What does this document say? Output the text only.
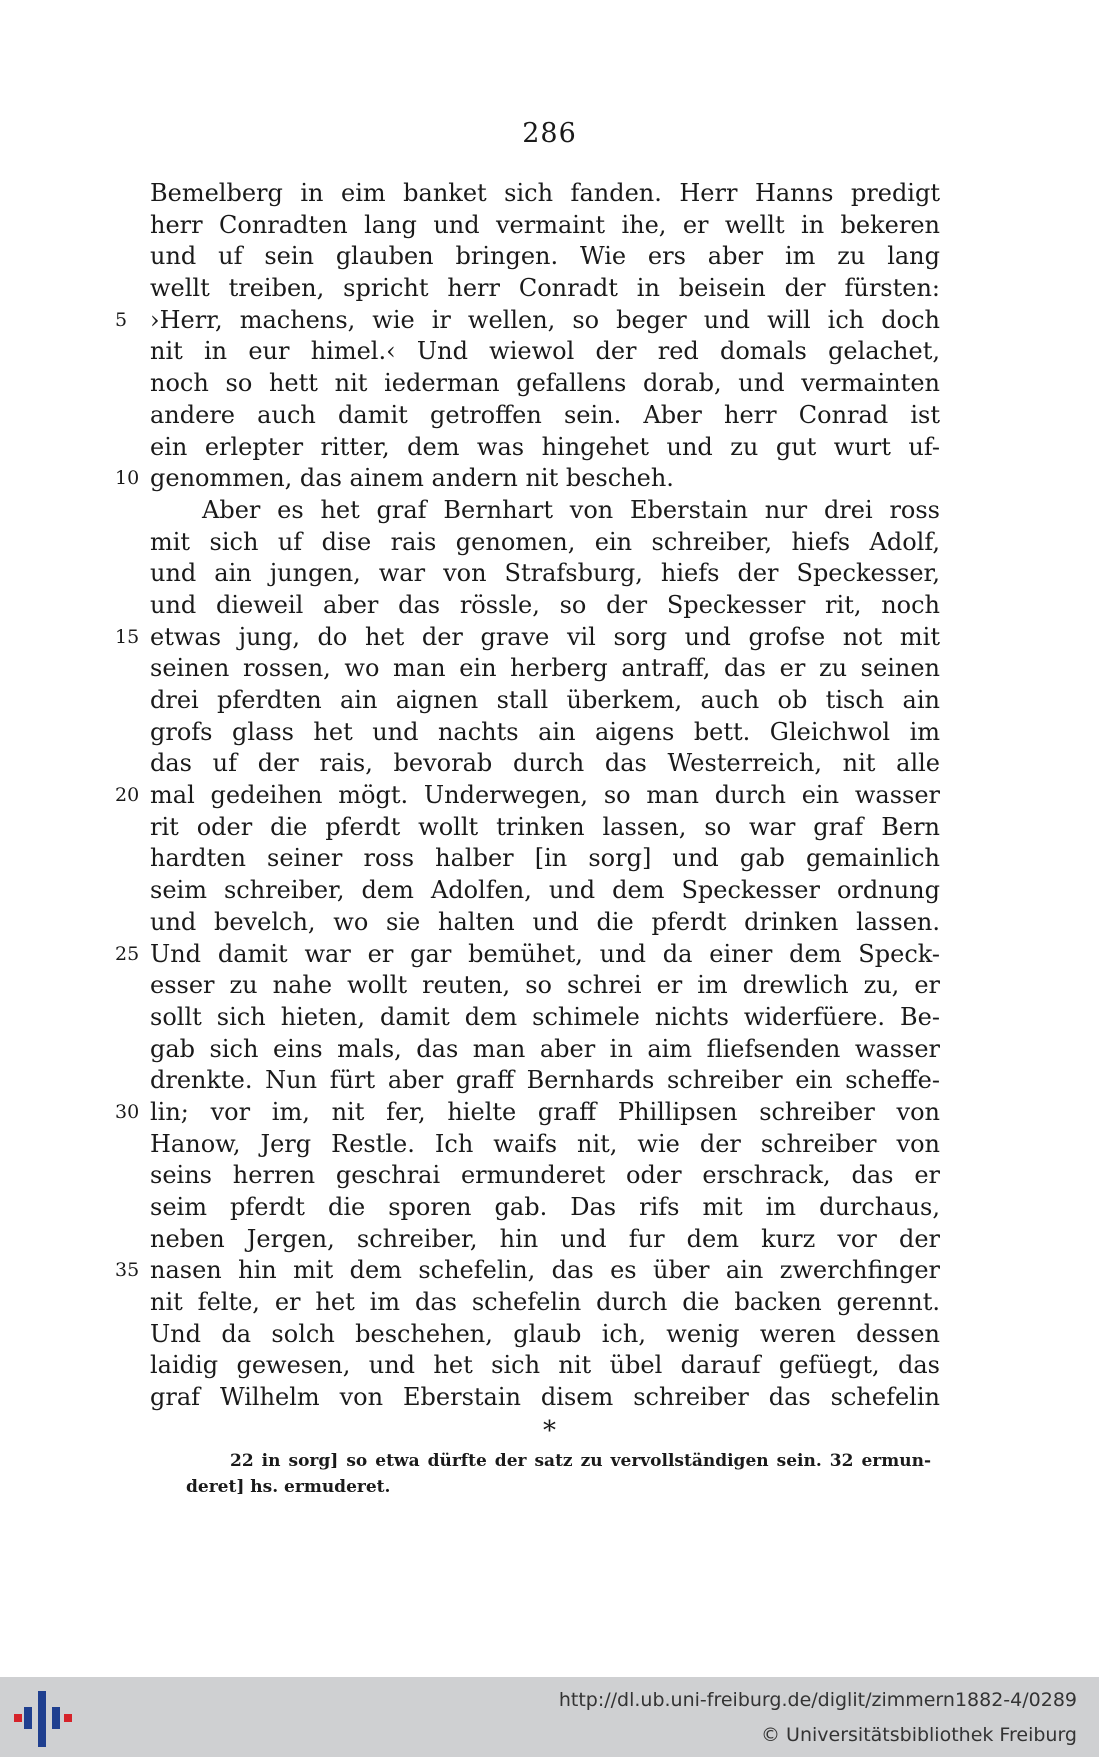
286
Bemelberg in eim banket sich fanden. Herr Hanns predigt
herr Conradten lang und vermaint ihe, er wellt in bekeren
und uf sein glauben bringen. Wie ers aber im zu lang
wellt treiben, spricht herr Conradt in beisein der fürsten:
5 ›Herr, machens, wie ir wellen, so beger und will ich doch
nit in eur himel.‹ Und wiewol der red domals gelachet,
noch so hett nit iederman gefallens dorab, und vermainten
andere auch damit getroffen sein. Aber herr Conrad ist
ein erlepter ritter, dem was hingehet und zu gut wurt uf-
10 genommen, das ainem andern nit bescheh.
Aber es het graf Bernhart von Eberstain nur drei ross
mit sich uf dise rais genomen, ein schreiber, hiefs Adolf,
und ain jungen, war von Strafsburg, hiefs der Speckesser,
und dieweil aber das rössle, so der Speckesser rit, noch
15 etwas jung, do het der grave vil sorg und grofse not mit
seinen rossen, wo man ein herberg antraff, das er zu seinen
drei pferdten ain aignen stall überkem, auch ob tisch ain
grofs glass het und nachts ain aigens bett. Gleichwol im
das uf der rais, bevorab durch das Westerreich, nit alle
20 mal gedeihen mögt. Underwegen, so man durch ein wasser
rit oder die pferdt wollt trinken lassen, so war graf Bern
hardten seiner ross halber [in sorg] und gab gemainlich
seim schreiber, dem Adolfen, und dem Speckesser ordnung
und bevelch, wo sie halten und die pferdt drinken lassen.
25 Und damit war er gar bemühet, und da einer dem Speck-
esser zu nahe wollt reuten, so schrei er im drewlich zu, er
sollt sich hieten, damit dem schimele nichts widerfüere. Be-
gab sich eins mals, das man aber in aim fliefsenden wasser
drenkte. Nun fürt aber graff Bernhards schreiber ein scheffe-
30 lin; vor im, nit fer, hielte graff Phillipsen schreiber von
Hanow, Jerg Restle. Ich waifs nit, wie der schreiber von
seins herren geschrai ermunderet oder erschrack, das er
seim pferdt die sporen gab. Das rifs mit im durchaus,
neben Jergen, schreiber, hin und fur dem kurz vor der
35 nasen hin mit dem schefelin, das es über ain zwerchfinger
nit felte, er het im das schefelin durch die backen gerennt.
Und da solch beschehen, glaub ich, wenig weren dessen
laidig gewesen, und het sich nit übel darauf gefüegt, das
graf Wilhelm von Eberstain disem schreiber das schefelin
*
22 in sorg] so etwa dürfte der satz zu vervollständigen sein. 32 ermun-
deret] hs. ermuderet.
http://dl.ub.uni-freiburg.de/diglit/zimmern1882-4/0289
© Universitätsbibliothek Freiburg
